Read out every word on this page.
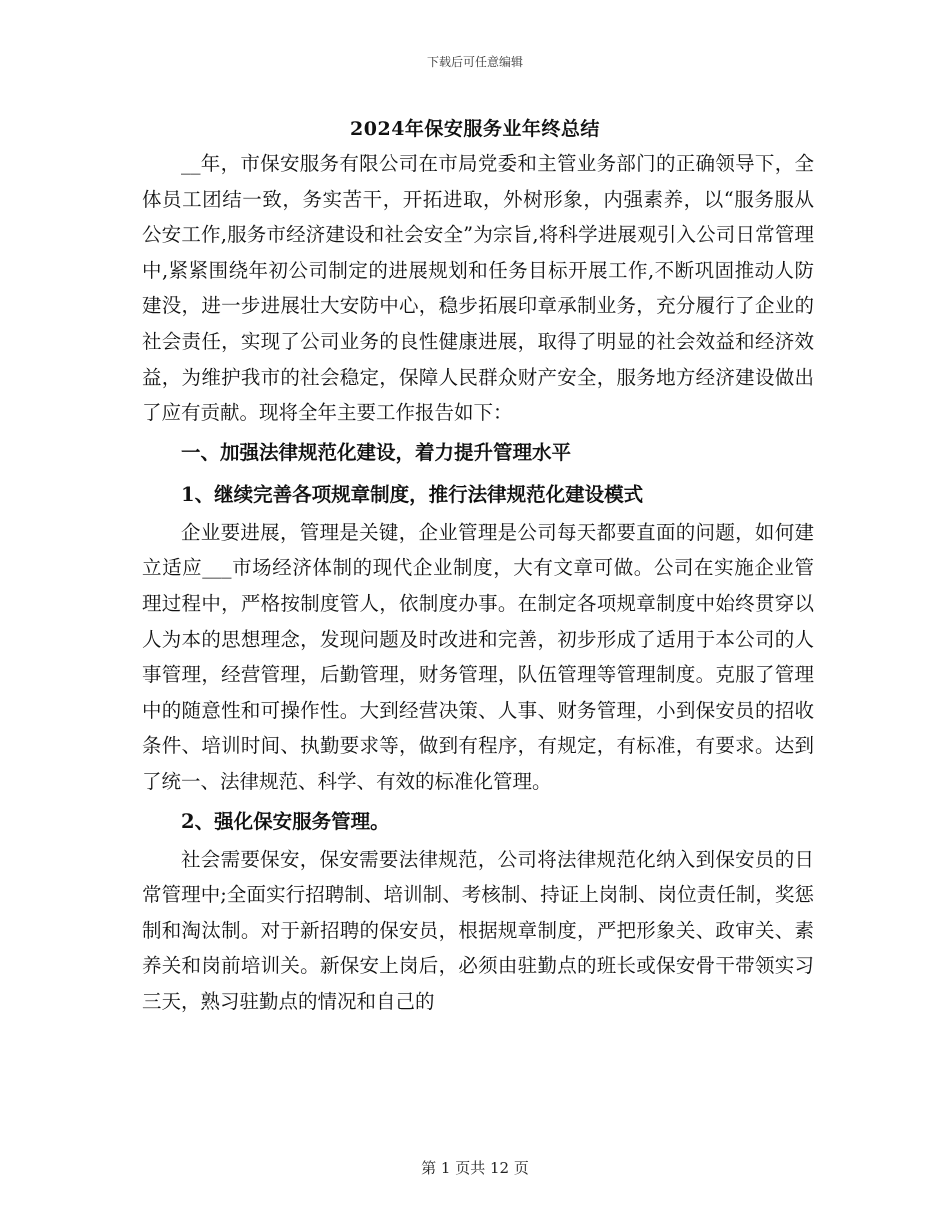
下载后可任意编辑
2024年保安服务业年终总结

__年，市保安服务有限公司在市局党委和主管业务部门的正确领导下，全体员工团结一致，务实苦干，开拓进取，外树形象，内强素养，以“服务服从公安工作,服务市经济建设和社会安全”为宗旨,将科学进展观引入公司日常管理中,紧紧围绕年初公司制定的进展规划和任务目标开展工作,不断巩固推动人防建没，进一步进展壮大安防中心，稳步拓展印章承制业务，充分履行了企业的社会责任，实现了公司业务的良性健康进展，取得了明显的社会效益和经济效益，为维护我市的社会稳定，保障人民群众财产安全，服务地方经济建设做出了应有贡献。现将全年主要工作报告如下：

一、加强法律规范化建设，着力提升管理水平

1、继续完善各项规章制度，推行法律规范化建设模式

企业要进展，管理是关键，企业管理是公司每天都要直面的问题，如何建立适应___市场经济体制的现代企业制度，大有文章可做。公司在实施企业管理过程中，严格按制度管人，依制度办事。在制定各项规章制度中始终贯穿以人为本的思想理念，发现问题及时改进和完善，初步形成了适用于本公司的人事管理，经营管理，后勤管理，财务管理，队伍管理等管理制度。克服了管理中的随意性和可操作性。大到经营决策、人事、财务管理，小到保安员的招收条件、培训时间、执勤要求等，做到有程序，有规定，有标准，有要求。达到了统一、法律规范、科学、有效的标准化管理。

2、强化保安服务管理。

社会需要保安，保安需要法律规范，公司将法律规范化纳入到保安员的日常管理中;全面实行招聘制、培训制、考核制、持证上岗制、岗位责任制，奖惩制和淘汰制。对于新招聘的保安员，根据规章制度，严把形象关、政审关、素养关和岗前培训关。新保安上岗后，必须由驻勤点的班长或保安骨干带领实习三天，熟习驻勤点的情况和自己的

第 1 页共 12 页
